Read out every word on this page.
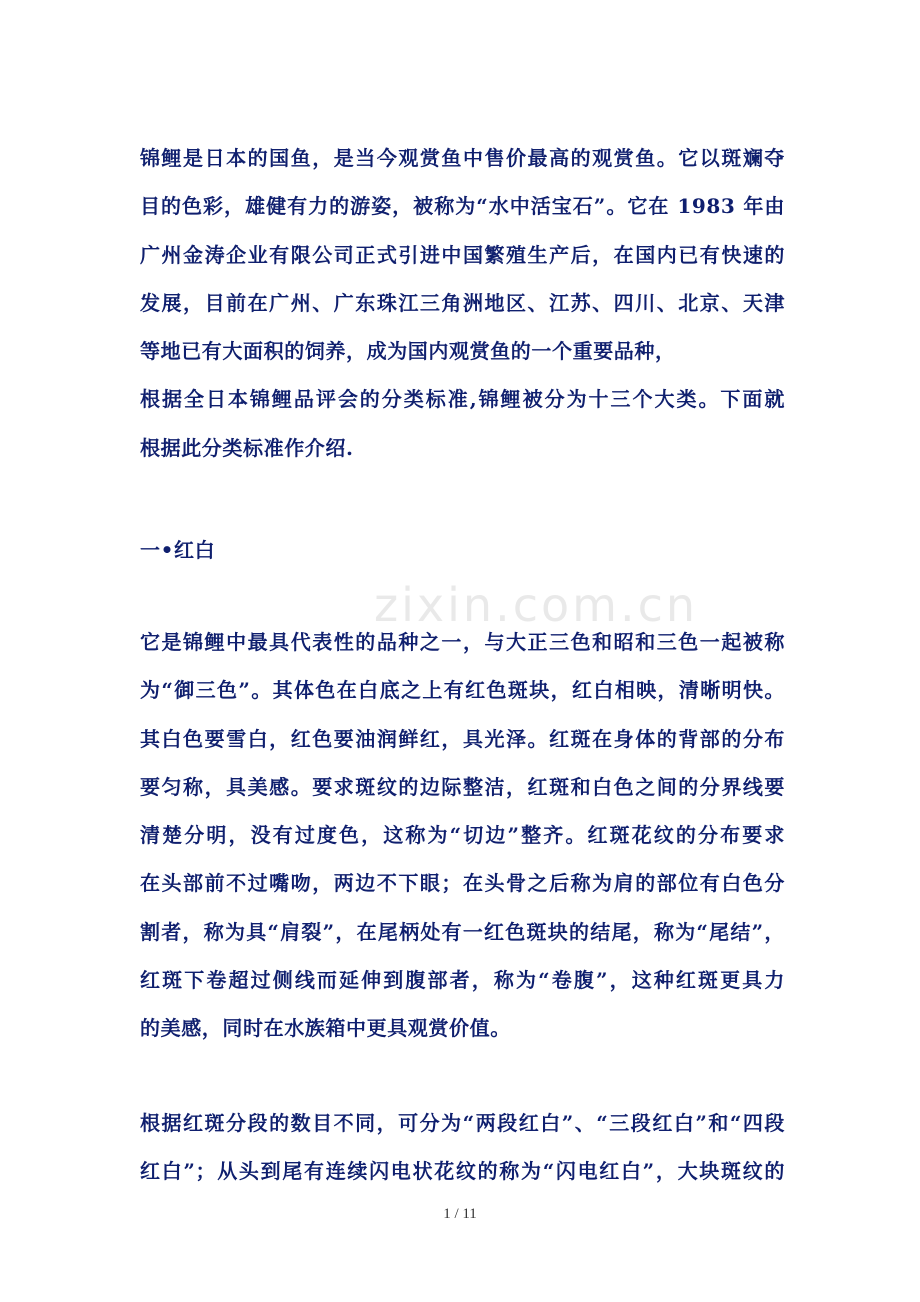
zixin.com.cn
锦鲤是日本的国鱼，是当今观赏鱼中售价最高的观赏鱼。它以斑斓夺
目的色彩，雄健有力的游姿，被称为“水中活宝石”。它在 1983 年由
广州金涛企业有限公司正式引进中国繁殖生产后，在国内已有快速的
发展，目前在广州、广东珠江三角洲地区、江苏、四川、北京、天津
等地已有大面积的饲养，成为国内观赏鱼的一个重要品种，
根据全日本锦鲤品评会的分类标准,锦鲤被分为十三个大类。下面就
根据此分类标准作介绍.
一•红白
它是锦鲤中最具代表性的品种之一，与大正三色和昭和三色一起被称
为“御三色”。其体色在白底之上有红色斑块，红白相映，清晰明快。
其白色要雪白，红色要油润鲜红，具光泽。红斑在身体的背部的分布
要匀称，具美感。要求斑纹的边际整洁，红斑和白色之间的分界线要
清楚分明，没有过度色，这称为“切边”整齐。红斑花纹的分布要求
在头部前不过嘴吻，两边不下眼；在头骨之后称为肩的部位有白色分
割者，称为具“肩裂”，在尾柄处有一红色斑块的结尾，称为“尾结”，
红斑下卷超过侧线而延伸到腹部者，称为“卷腹”，这种红斑更具力
的美感，同时在水族箱中更具观赏价值。
根据红斑分段的数目不同，可分为“两段红白”、“三段红白”和“四段
红白”；从头到尾有连续闪电状花纹的称为“闪电红白”，大块斑纹的
1 / 11
